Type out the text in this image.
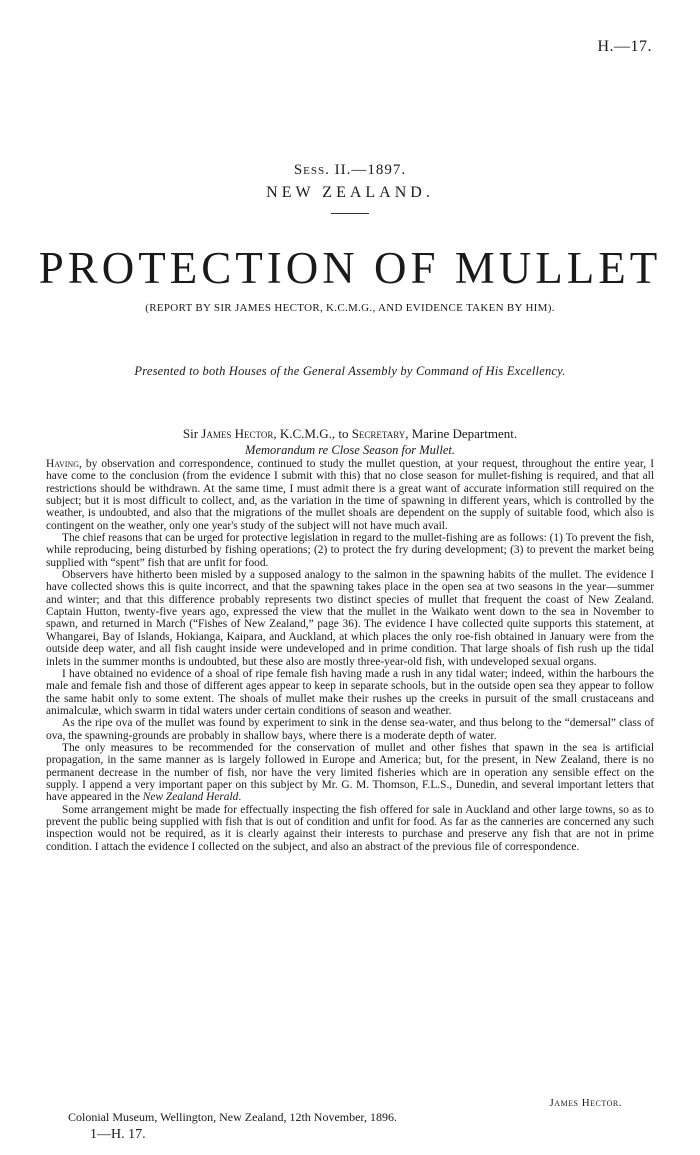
H.—17.
Sess. II.—1897.
NEW ZEALAND.
PROTECTION OF MULLET
(REPORT BY SIR JAMES HECTOR, K.C.M.G., AND EVIDENCE TAKEN BY HIM).
Presented to both Houses of the General Assembly by Command of His Excellency.
Sir James Hector, K.C.M.G., to Secretary, Marine Department.
Memorandum re Close Season for Mullet.

Having, by observation and correspondence, continued to study the mullet question, at your request, throughout the entire year, I have come to the conclusion (from the evidence I submit with this) that no close season for mullet-fishing is required, and that all restrictions should be withdrawn. At the same time, I must admit there is a great want of accurate information still required on the subject; but it is most difficult to collect, and, as the variation in the time of spawning in different years, which is controlled by the weather, is undoubted, and also that the migrations of the mullet shoals are dependent on the supply of suitable food, which also is contingent on the weather, only one year's study of the subject will not have much avail.

The chief reasons that can be urged for protective legislation in regard to the mullet-fishing are as follows: (1) To prevent the fish, while reproducing, being disturbed by fishing operations; (2) to protect the fry during development; (3) to prevent the market being supplied with “spent” fish that are unfit for food.

Observers have hitherto been misled by a supposed analogy to the salmon in the spawning habits of the mullet. The evidence I have collected shows this is quite incorrect, and that the spawning takes place in the open sea at two seasons in the year—summer and winter; and that this difference probably represents two distinct species of mullet that frequent the coast of New Zealand. Captain Hutton, twenty-five years ago, expressed the view that the mullet in the Waikato went down to the sea in November to spawn, and returned in March (“Fishes of New Zealand,” page 36). The evidence I have collected quite supports this statement, at Whangarei, Bay of Islands, Hokianga, Kaipara, and Auckland, at which places the only roe-fish obtained in January were from the outside deep water, and all fish caught inside were undeveloped and in prime condition. That large shoals of fish rush up the tidal inlets in the summer months is undoubted, but these also are mostly three-year-old fish, with undeveloped sexual organs.

I have obtained no evidence of a shoal of ripe female fish having made a rush in any tidal water; indeed, within the harbours the male and female fish and those of different ages appear to keep in separate schools, but in the outside open sea they appear to follow the same habit only to some extent. The shoals of mullet make their rushes up the creeks in pursuit of the small crustaceans and animalculæ, which swarm in tidal waters under certain conditions of season and weather.

As the ripe ova of the mullet was found by experiment to sink in the dense sea-water, and thus belong to the “demersal” class of ova, the spawning-grounds are probably in shallow bays, where there is a moderate depth of water.

The only measures to be recommended for the conservation of mullet and other fishes that spawn in the sea is artificial propagation, in the same manner as is largely followed in Europe and America; but, for the present, in New Zealand, there is no permanent decrease in the number of fish, nor have the very limited fisheries which are in operation any sensible effect on the supply. I append a very important paper on this subject by Mr. G. M. Thomson, F.L.S., Dunedin, and several important letters that have appeared in the New Zealand Herald.

Some arrangement might be made for effectually inspecting the fish offered for sale in Auckland and other large towns, so as to prevent the public being supplied with fish that is out of condition and unfit for food. As far as the canneries are concerned any such inspection would not be required, as it is clearly against their interests to purchase and preserve any fish that are not in prime condition. I attach the evidence I collected on the subject, and also an abstract of the previous file of correspondence.

James Hector.
Colonial Museum, Wellington, New Zealand, 12th November, 1896.
1—H. 17.
